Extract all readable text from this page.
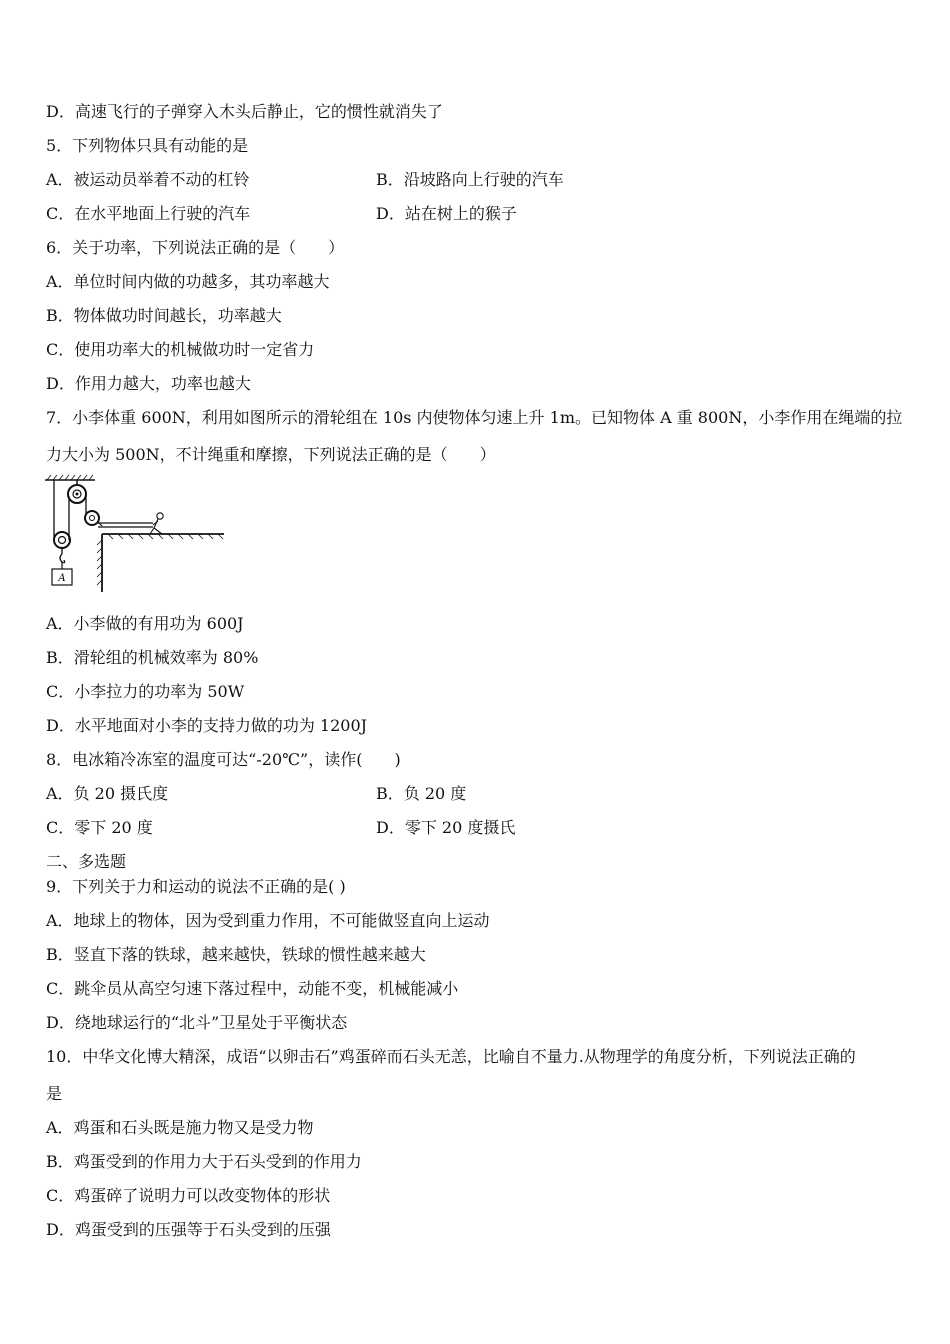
D．高速飞行的子弹穿入木头后静止，它的惯性就消失了
5．下列物体只具有动能的是
A．被运动员举着不动的杠铃	B．沿坡路向上行驶的汽车
C．在水平地面上行驶的汽车	D．站在树上的猴子
6．关于功率，下列说法正确的是（　　）
A．单位时间内做的功越多，其功率越大
B．物体做功时间越长，功率越大
C．使用功率大的机械做功时一定省力
D．作用力越大，功率也越大
7．小李体重 600N，利用如图所示的滑轮组在 10s 内使物体匀速上升 1m。已知物体 A 重 800N，小李作用在绳端的拉
力大小为 500N，不计绳重和摩擦，下列说法正确的是（　　）
A
A．小李做的有用功为 600J
B．滑轮组的机械效率为 80%
C．小李拉力的功率为 50W
D．水平地面对小李的支持力做的功为 1200J
8．电冰箱冷冻室的温度可达“-20℃”，读作(　　)
A．负 20 摄氏度	B．负 20 度
C．零下 20 度	D．零下 20 度摄氏
二、多选题
9．下列关于力和运动的说法不正确的是( )
A．地球上的物体，因为受到重力作用，不可能做竖直向上运动
B．竖直下落的铁球，越来越快，铁球的惯性越来越大
C．跳伞员从高空匀速下落过程中，动能不变，机械能减小
D．绕地球运行的“北斗”卫星处于平衡状态
10．中华文化博大精深，成语“以卵击石”鸡蛋碎而石头无恙，比喻自不量力.从物理学的角度分析，下列说法正确的
是
A．鸡蛋和石头既是施力物又是受力物
B．鸡蛋受到的作用力大于石头受到的作用力
C．鸡蛋碎了说明力可以改变物体的形状
D．鸡蛋受到的压强等于石头受到的压强
